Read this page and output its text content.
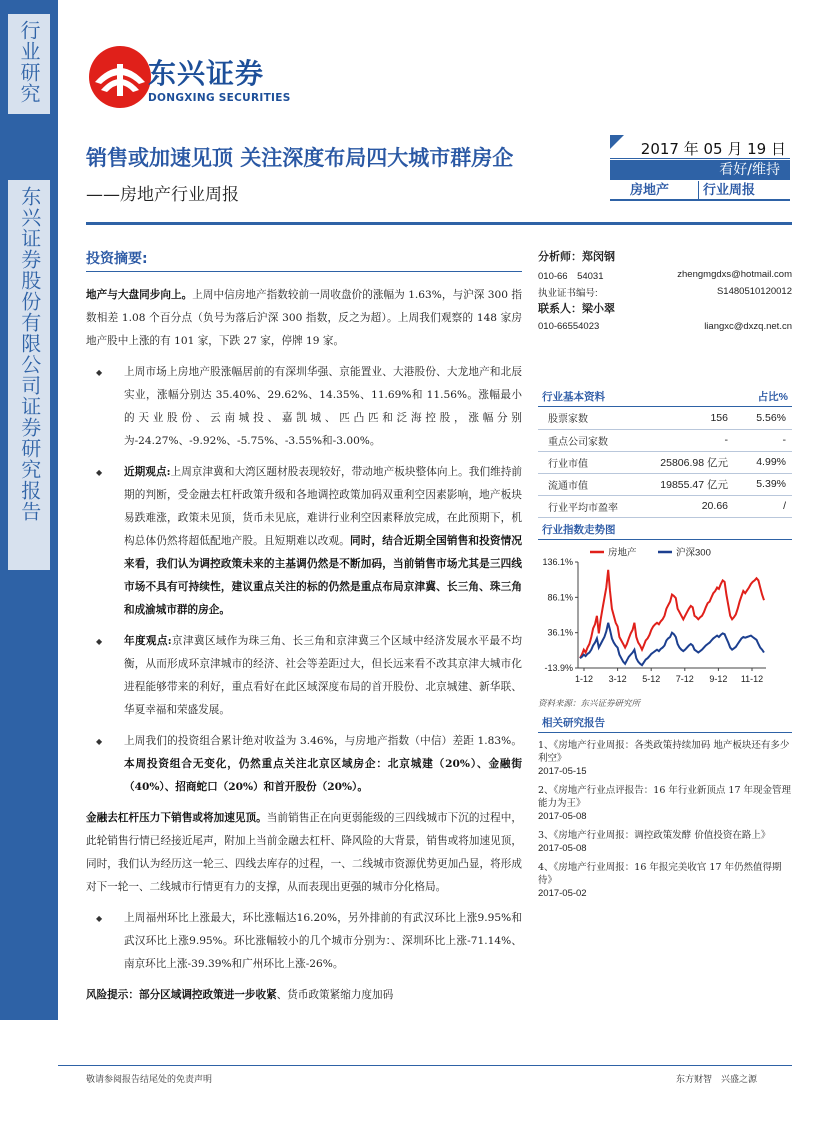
行业研究
东兴证券股份有限公司证券研究报告
东兴证券
DONGXING SECURITIES
销售或加速见顶 关注深度布局四大城市群房企
——房地产行业周报
2017 年 05 月 19 日
看好/维持
房地产	行业周报
投资摘要:
地产与大盘同步向上。上周中信房地产指数较前一周收盘价的涨幅为 1.63%，与沪深 300 指数相差 1.08 个百分点（负号为落后沪深 300 指数，反之为超）。上周我们观察的 148 家房地产股中上涨的有 101 家，下跌 27 家，停牌 19 家。
◆ 上周市场上房地产股涨幅居前的有深圳华强、京能置业、大港股份、大龙地产和北辰实业，涨幅分别达 35.40%、29.62%、14.35%、11.69%和 11.56%。涨幅最小的天业股份、云南城投、嘉凯城、匹凸匹和泛海控股，涨幅分别为-24.27%、-9.92%、-5.75%、-3.55%和-3.00%。
◆ 近期观点:上周京津冀和大湾区题材股表现较好，带动地产板块整体向上。我们维持前期的判断，受金融去杠杆政策升级和各地调控政策加码双重利空因素影响，地产板块易跌难涨，政策未见顶，货币未见底，难讲行业利空因素释放完成，在此预期下，机构总体仍然将超低配地产股。且短期难以改观。同时，结合近期全国销售和投资情况来看，我们认为调控政策未来的主基调仍然是不断加码，当前销售市场尤其是三四线市场不具有可持续性，建议重点关注的标的仍然是重点布局京津冀、长三角、珠三角和成渝城市群的房企。
◆ 年度观点:京津冀区域作为珠三角、长三角和京津冀三个区域中经济发展水平最不均衡，从而形成环京津城市的经济、社会等差距过大，但长远来看不改其京津大城市化进程能够带来的利好，重点看好在此区域深度布局的首开股份、北京城建、新华联、华夏幸福和荣盛发展。
◆ 上周我们的投资组合累计绝对收益为 3.46%，与房地产指数（中信）差距 1.83%。本周投资组合无变化，仍然重点关注北京区域房企：北京城建（20%）、金融街（40%）、招商蛇口（20%）和首开股份（20%）。
金融去杠杆压力下销售或将加速见顶。当前销售正在向更弱能级的三四线城市下沉的过程中，此轮销售行情已经接近尾声，附加上当前金融去杠杆、降风险的大背景，销售或将加速见顶，同时，我们认为经历这一轮三、四线去库存的过程，一、二线城市资源优势更加凸显，将形成对下一轮一、二线城市行情更有力的支撑，从而表现出更强的城市分化格局。
◆ 上周福州环比上涨最大，环比涨幅达16.20%，另外排前的有武汉环比上涨9.95%和武汉环比上涨9.95%。环比涨幅较小的几个城市分别为：、深圳环比上涨-71.14%、南京环比上涨-39.39%和广州环比上涨-26%。
风险提示：部分区域调控政策进一步收紧、货币政策紧缩力度加码
分析师：郑闵钢
010-66　54031	zhengmgdxs@hotmail.com
执业证书编号:	S1480510120012
联系人：梁小翠
010-66554023	liangxc@dxzq.net.cn
行业基本资料	占比%
股票家数	156	5.56%
重点公司家数	-	-
行业市值	25806.98 亿元	4.99%
流通市值	19855.47 亿元	5.39%
行业平均市盈率	20.66	/
行业指数走势图
136.1%
86.1%
36.1%
-13.9%
1-12 3-12 5-12 7-12 9-12 11-12
房地产	沪深300
资料来源：东兴证券研究所
相关研究报告
1、《房地产行业周报：各类政策持续加码 地产板块还有多少利空》
2017-05-15
2、《房地产行业点评报告：16 年行业新顶点 17 年现金管理能力为王》
2017-05-08
3、《房地产行业周报：调控政策发酵 价值投资在路上》
2017-05-08
4、《房地产行业周报：16 年报完美收官 17 年仍然值得期待》
2017-05-02
敬请参阅报告结尾处的免责声明	东方财智　兴盛之源
